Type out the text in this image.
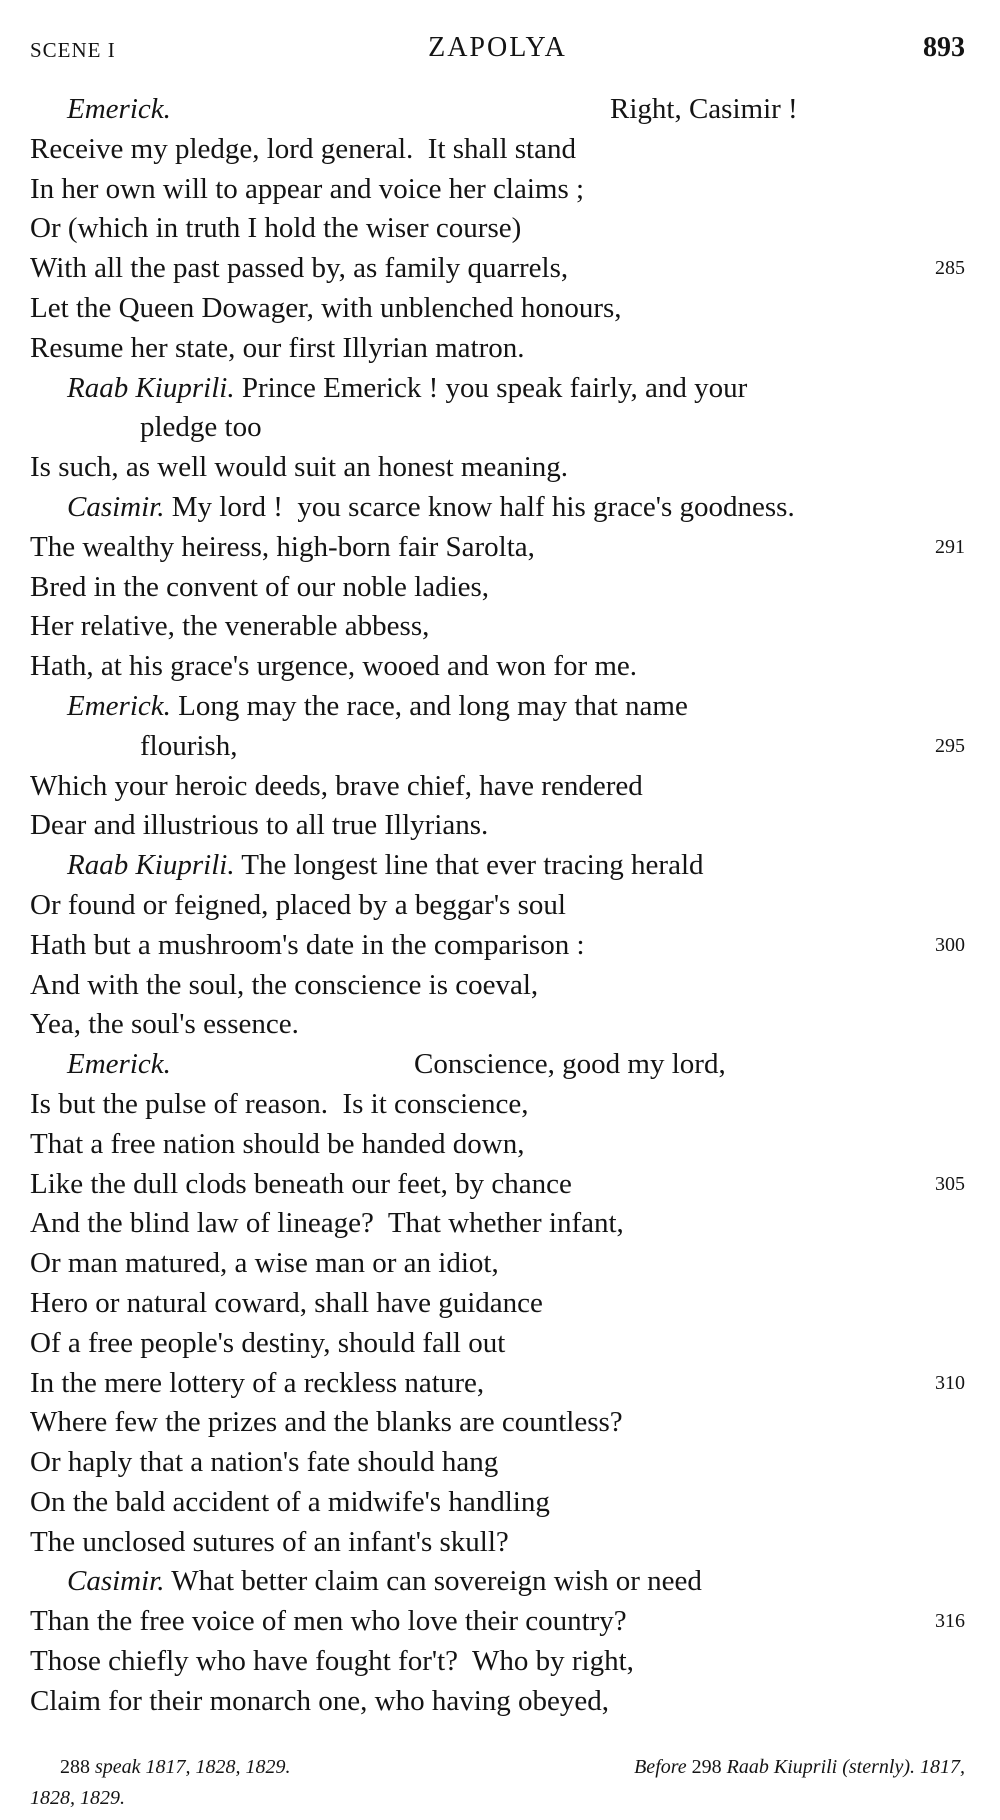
SCENE I	ZAPOLYA	893
Emerick.	Right, Casimir !
Receive my pledge, lord general.  It shall stand
In her own will to appear and voice her claims ;
Or (which in truth I hold the wiser course)
With all the past passed by, as family quarrels,	285
Let the Queen Dowager, with unblenched honours,
Resume her state, our first Illyrian matron.
Raab Kiuprili. Prince Emerick ! you speak fairly, and your
pledge too
Is such, as well would suit an honest meaning.
Casimir. My lord !  you scarce know half his grace's goodness.
The wealthy heiress, high-born fair Sarolta,	291
Bred in the convent of our noble ladies,
Her relative, the venerable abbess,
Hath, at his grace's urgence, wooed and won for me.
Emerick. Long may the race, and long may that name
flourish,	295
Which your heroic deeds, brave chief, have rendered
Dear and illustrious to all true Illyrians.
Raab Kiuprili. The longest line that ever tracing herald
Or found or feigned, placed by a beggar's soul
Hath but a mushroom's date in the comparison :	300
And with the soul, the conscience is coeval,
Yea, the soul's essence.
Emerick.	Conscience, good my lord,
Is but the pulse of reason.  Is it conscience,
That a free nation should be handed down,
Like the dull clods beneath our feet, by chance	305
And the blind law of lineage?  That whether infant,
Or man matured, a wise man or an idiot,
Hero or natural coward, shall have guidance
Of a free people's destiny, should fall out
In the mere lottery of a reckless nature,	310
Where few the prizes and the blanks are countless?
Or haply that a nation's fate should hang
On the bald accident of a midwife's handling
The unclosed sutures of an infant's skull?
Casimir. What better claim can sovereign wish or need
Than the free voice of men who love their country?	316
Those chiefly who have fought for't?  Who by right,
Claim for their monarch one, who having obeyed,
288 speak 1817, 1828, 1829.	Before 298 Raab Kiuprili (sternly). 1817,
1828, 1829.
